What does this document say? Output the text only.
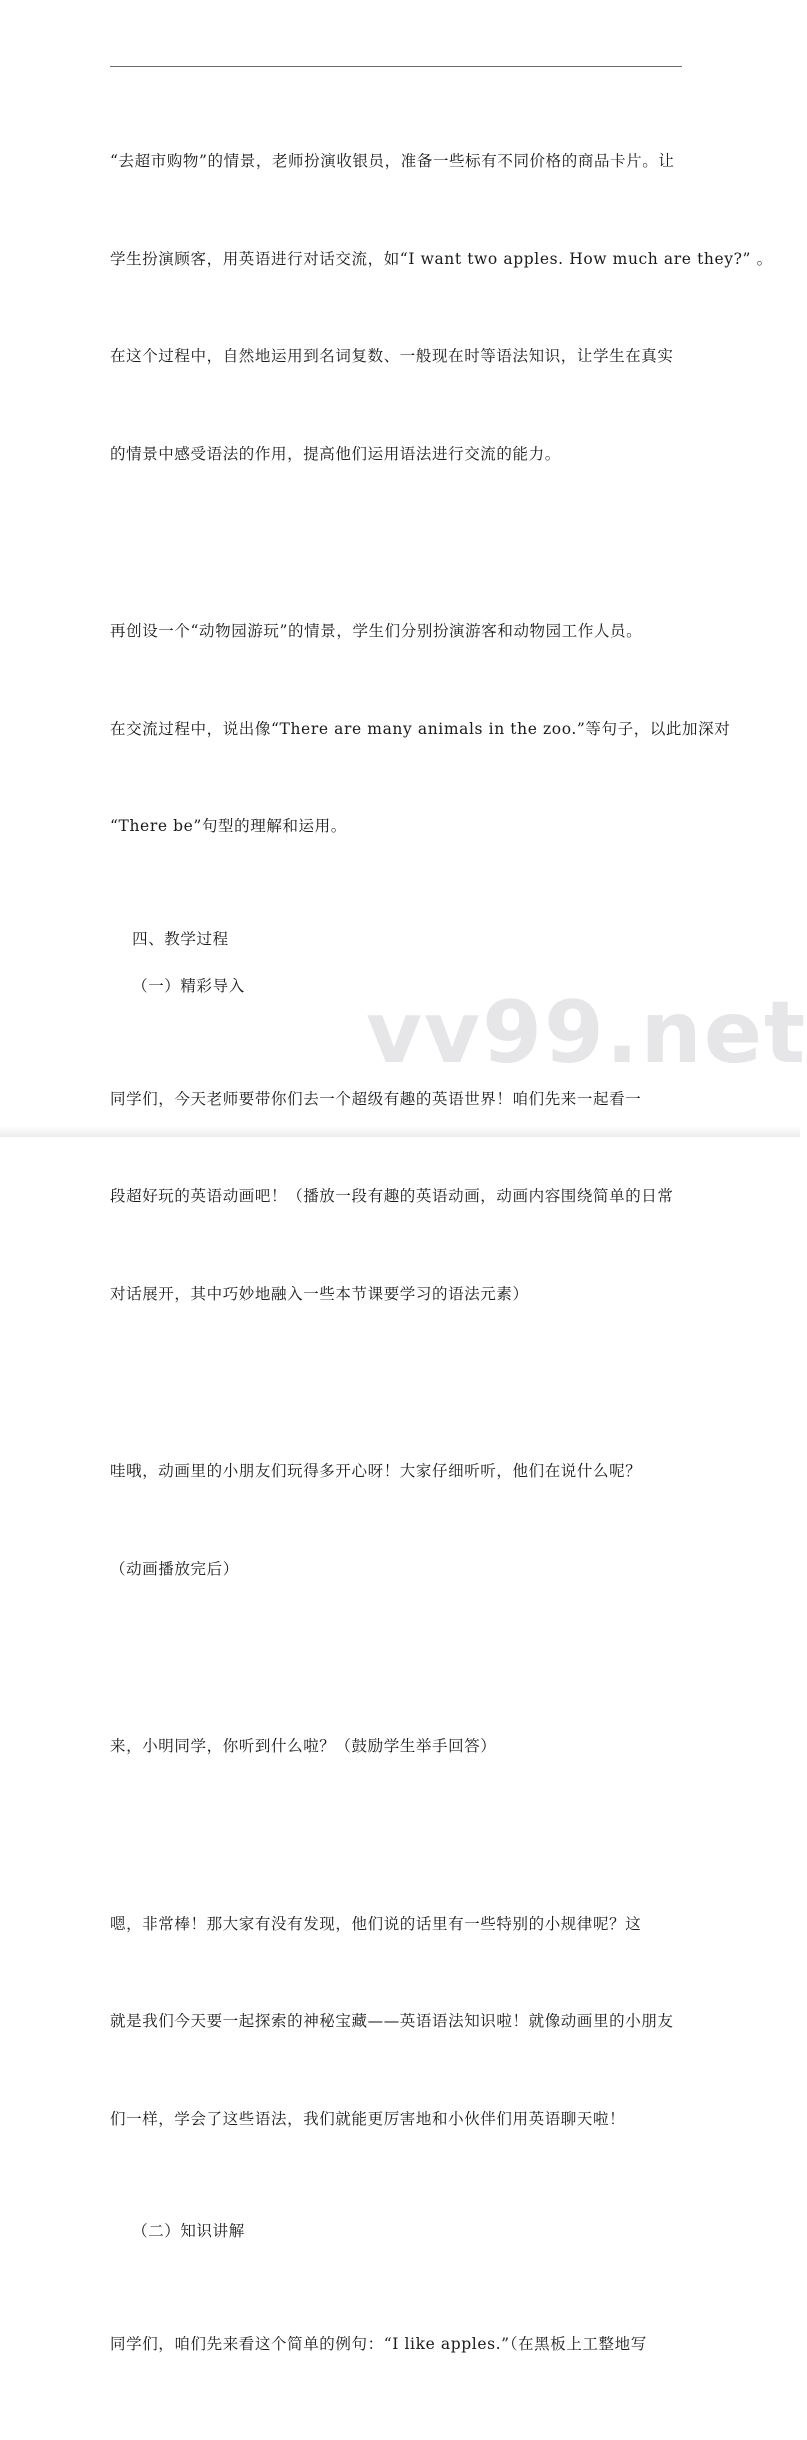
“去超市购物”的情景，老师扮演收银员，准备一些标有不同价格的商品卡片。让

学生扮演顾客，用英语进行对话交流，如“I want two apples. How much are they?” 。

在这个过程中，自然地运用到名词复数、一般现在时等语法知识，让学生在真实

的情景中感受语法的作用，提高他们运用语法进行交流的能力。

再创设一个“动物园游玩”的情景，学生们分别扮演游客和动物园工作人员。

在交流过程中，说出像“There are many animals in the zoo.”等句子，以此加深对

“There be”句型的理解和运用。

四、教学过程

（一）精彩导入

同学们，今天老师要带你们去一个超级有趣的英语世界！咱们先来一起看一

段超好玩的英语动画吧！（播放一段有趣的英语动画，动画内容围绕简单的日常

对话展开，其中巧妙地融入一些本节课要学习的语法元素）

哇哦，动画里的小朋友们玩得多开心呀！大家仔细听听，他们在说什么呢？

（动画播放完后）

来，小明同学，你听到什么啦？（鼓励学生举手回答）

嗯，非常棒！那大家有没有发现，他们说的话里有一些特别的小规律呢？这

就是我们今天要一起探索的神秘宝藏——英语语法知识啦！就像动画里的小朋友

们一样，学会了这些语法，我们就能更厉害地和小伙伴们用英语聊天啦！

（二）知识讲解

同学们，咱们先来看这个简单的例句：“I like apples.”（在黑板上工整地写

vv99.net
